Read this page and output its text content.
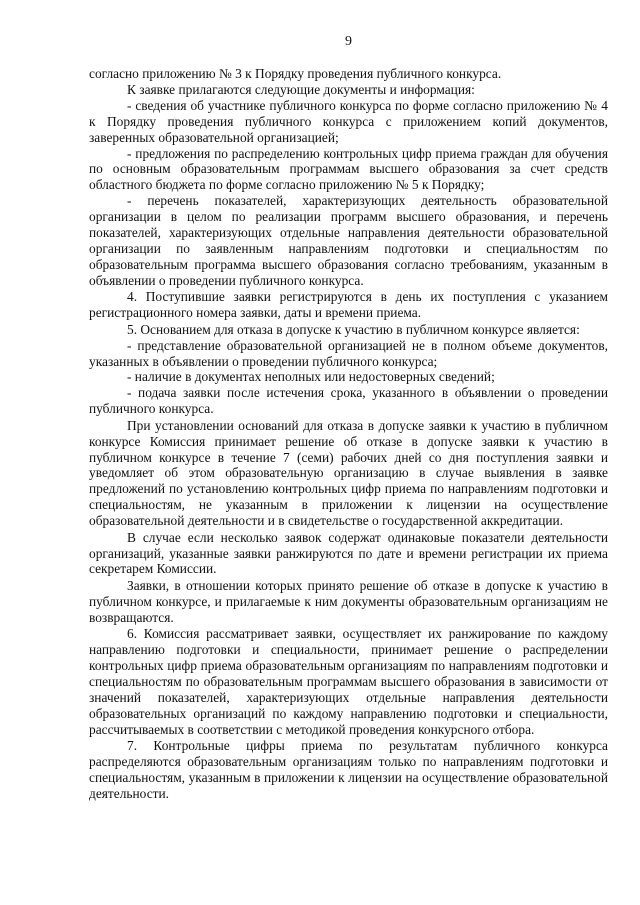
9

согласно приложению № 3 к Порядку проведения публичного конкурса.

К заявке прилагаются следующие документы и информация:

- сведения об участнике публичного конкурса по форме согласно приложению № 4 к Порядку проведения публичного конкурса с приложением копий документов, заверенных образовательной организацией;

- предложения по распределению контрольных цифр приема граждан для обучения по основным образовательным программам высшего образования за счет средств областного бюджета по форме согласно приложению № 5 к Порядку;

- перечень показателей, характеризующих деятельность образовательной организации в целом по реализации программ высшего образования, и перечень показателей, характеризующих отдельные направления деятельности образовательной организации по заявленным направлениям подготовки и специальностям по образовательным программа высшего образования согласно требованиям, указанным в объявлении о проведении публичного конкурса.

4. Поступившие заявки регистрируются в день их поступления с указанием регистрационного номера заявки, даты и времени приема.

5. Основанием для отказа в допуске к участию в публичном конкурсе является:

- представление образовательной организацией не в полном объеме документов, указанных в объявлении о проведении публичного конкурса;

- наличие в документах неполных или недостоверных сведений;

- подача заявки после истечения срока, указанного в объявлении о проведении публичного конкурса.

При установлении оснований для отказа в допуске заявки к участию в публичном конкурсе Комиссия принимает решение об отказе в допуске заявки к участию в публичном конкурсе в течение 7 (семи) рабочих дней со дня поступления заявки и уведомляет об этом образовательную организацию в случае выявления в заявке предложений по установлению контрольных цифр приема по направлениям подготовки и специальностям, не указанным в приложении к лицензии на осуществление образовательной деятельности и в свидетельстве о государственной аккредитации.

В случае если несколько заявок содержат одинаковые показатели деятельности организаций, указанные заявки ранжируются по дате и времени регистрации их приема секретарем Комиссии.

Заявки, в отношении которых принято решение об отказе в допуске к участию в публичном конкурсе, и прилагаемые к ним документы образовательным организациям не возвращаются.

6. Комиссия рассматривает заявки, осуществляет их ранжирование по каждому направлению подготовки и специальности, принимает решение о распределении контрольных цифр приема образовательным организациям по направлениям подготовки и специальностям по образовательным программам высшего образования в зависимости от значений показателей, характеризующих отдельные направления деятельности образовательных организаций по каждому направлению подготовки и специальности, рассчитываемых в соответствии с методикой проведения конкурсного отбора.

7. Контрольные цифры приема по результатам публичного конкурса распределяются образовательным организациям только по направлениям подготовки и специальностям, указанным в приложении к лицензии на осуществление образовательной деятельности.
